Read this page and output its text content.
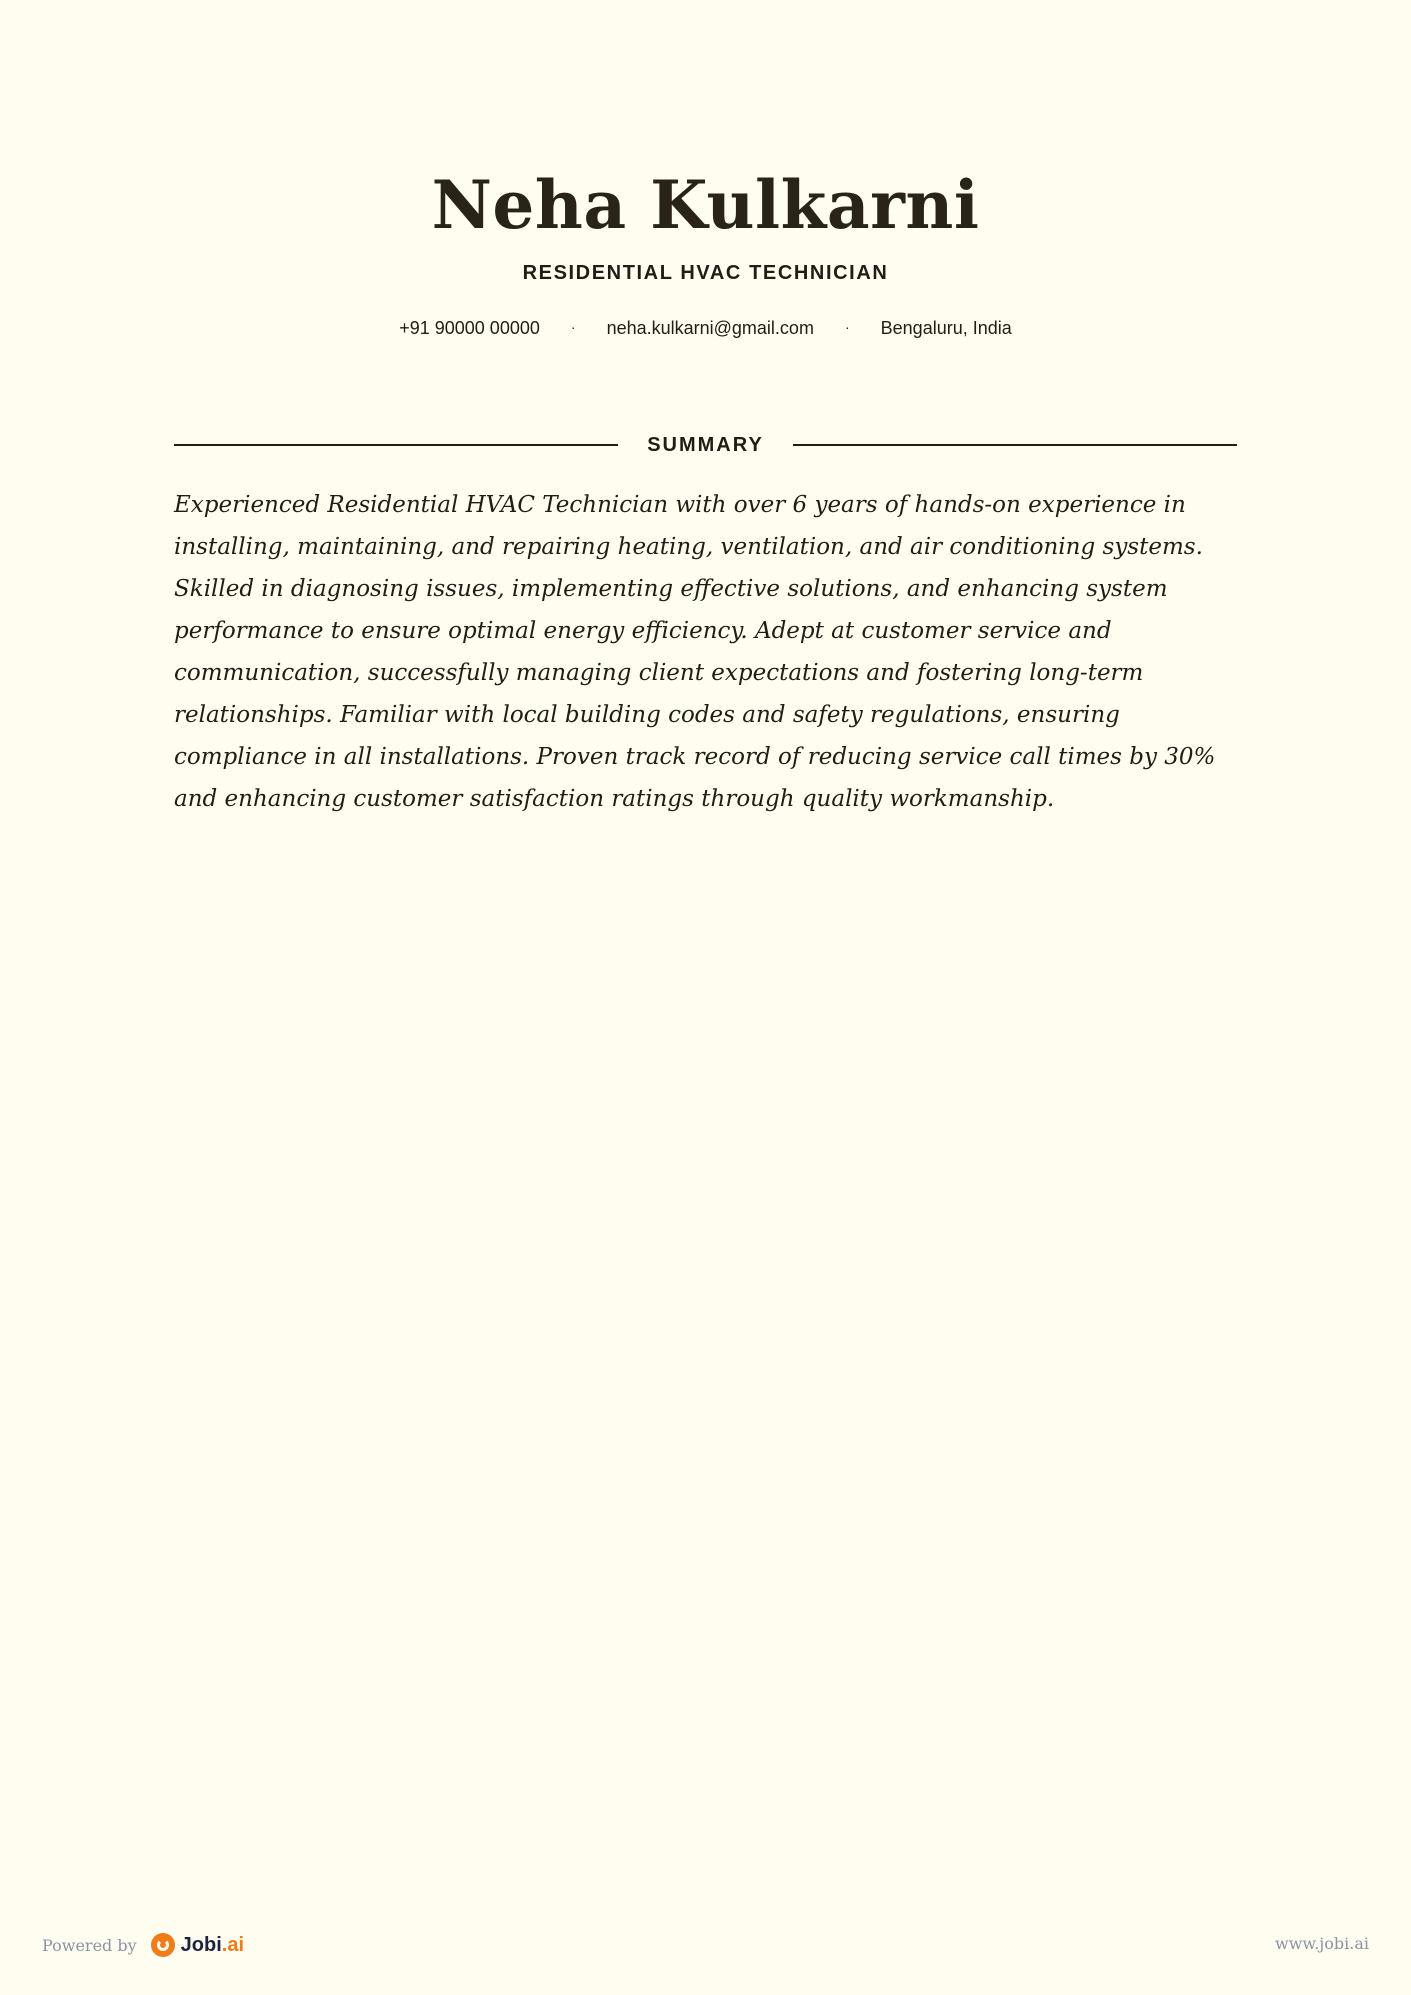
Neha Kulkarni
RESIDENTIAL HVAC TECHNICIAN
+91 90000 00000 · neha.kulkarni@gmail.com · Bengaluru, India
SUMMARY

Experienced Residential HVAC Technician with over 6 years of hands-on experience in installing, maintaining, and repairing heating, ventilation, and air conditioning systems. Skilled in diagnosing issues, implementing effective solutions, and enhancing system performance to ensure optimal energy efficiency. Adept at customer service and communication, successfully managing client expectations and fostering long-term relationships. Familiar with local building codes and safety regulations, ensuring compliance in all installations. Proven track record of reducing service call times by 30% and enhancing customer satisfaction ratings through quality workmanship.

Powered by Jobi.ai	www.jobi.ai
